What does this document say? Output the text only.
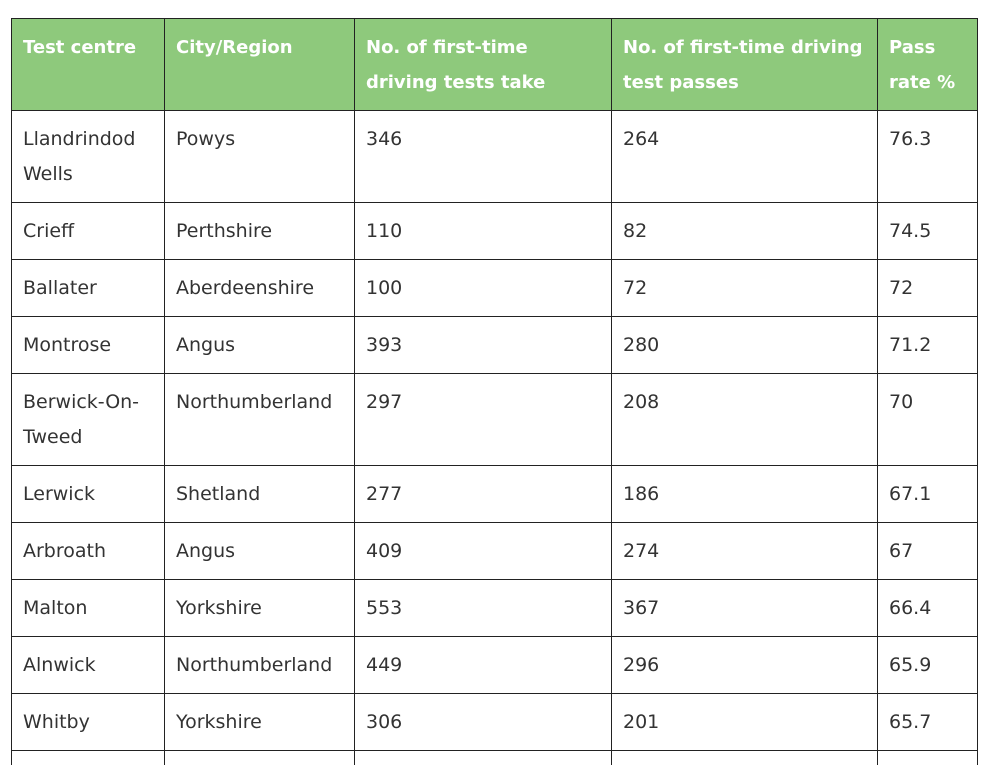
Test centre	City/Region	No. of first-time driving tests take	No. of first-time driving test passes	Pass rate %
Llandrindod Wells	Powys	346	264	76.3
Crieff	Perthshire	110	82	74.5
Ballater	Aberdeenshire	100	72	72
Montrose	Angus	393	280	71.2
Berwick-On-Tweed	Northumberland	297	208	70
Lerwick	Shetland	277	186	67.1
Arbroath	Angus	409	274	67
Malton	Yorkshire	553	367	66.4
Alnwick	Northumberland	449	296	65.9
Whitby	Yorkshire	306	201	65.7
